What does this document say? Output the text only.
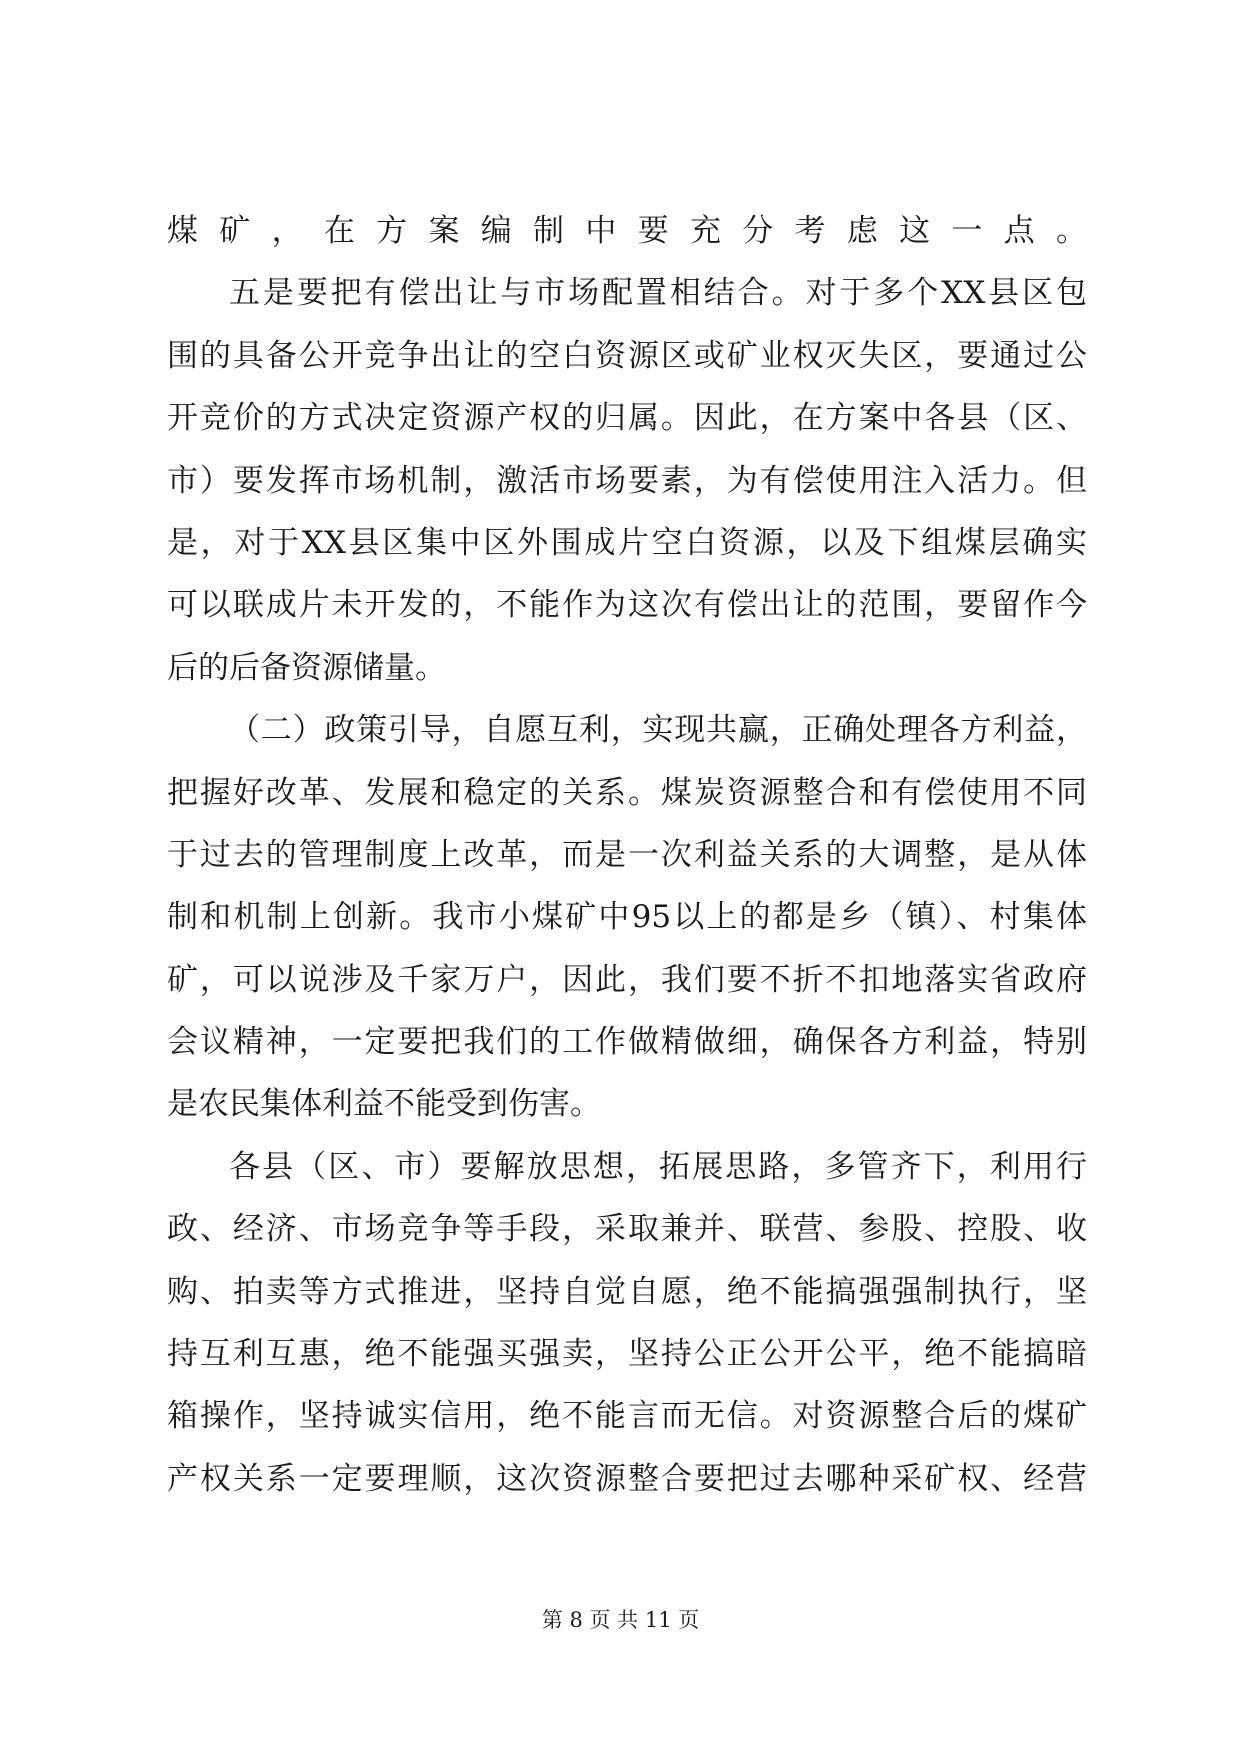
煤矿，在方案编制中要充分考虑这一点。
五是要把有偿出让与市场配置相结合。对于多个XX县区包
围的具备公开竞争出让的空白资源区或矿业权灭失区，要通过公
开竞价的方式决定资源产权的归属。因此，在方案中各县（区、
市）要发挥市场机制，激活市场要素，为有偿使用注入活力。但
是，对于XX县区集中区外围成片空白资源，以及下组煤层确实
可以联成片未开发的，不能作为这次有偿出让的范围，要留作今
后的后备资源储量。
（二）政策引导，自愿互利，实现共赢，正确处理各方利益，
把握好改革、发展和稳定的关系。煤炭资源整合和有偿使用不同
于过去的管理制度上改革，而是一次利益关系的大调整，是从体
制和机制上创新。我市小煤矿中95以上的都是乡（镇）、村集体
矿，可以说涉及千家万户，因此，我们要不折不扣地落实省政府
会议精神，一定要把我们的工作做精做细，确保各方利益，特别
是农民集体利益不能受到伤害。
各县（区、市）要解放思想，拓展思路，多管齐下，利用行
政、经济、市场竞争等手段，采取兼并、联营、参股、控股、收
购、拍卖等方式推进，坚持自觉自愿，绝不能搞强强制执行，坚
持互利互惠，绝不能强买强卖，坚持公正公开公平，绝不能搞暗
箱操作，坚持诚实信用，绝不能言而无信。对资源整合后的煤矿
产权关系一定要理顺，这次资源整合要把过去哪种采矿权、经营
第 8 页 共 11 页
